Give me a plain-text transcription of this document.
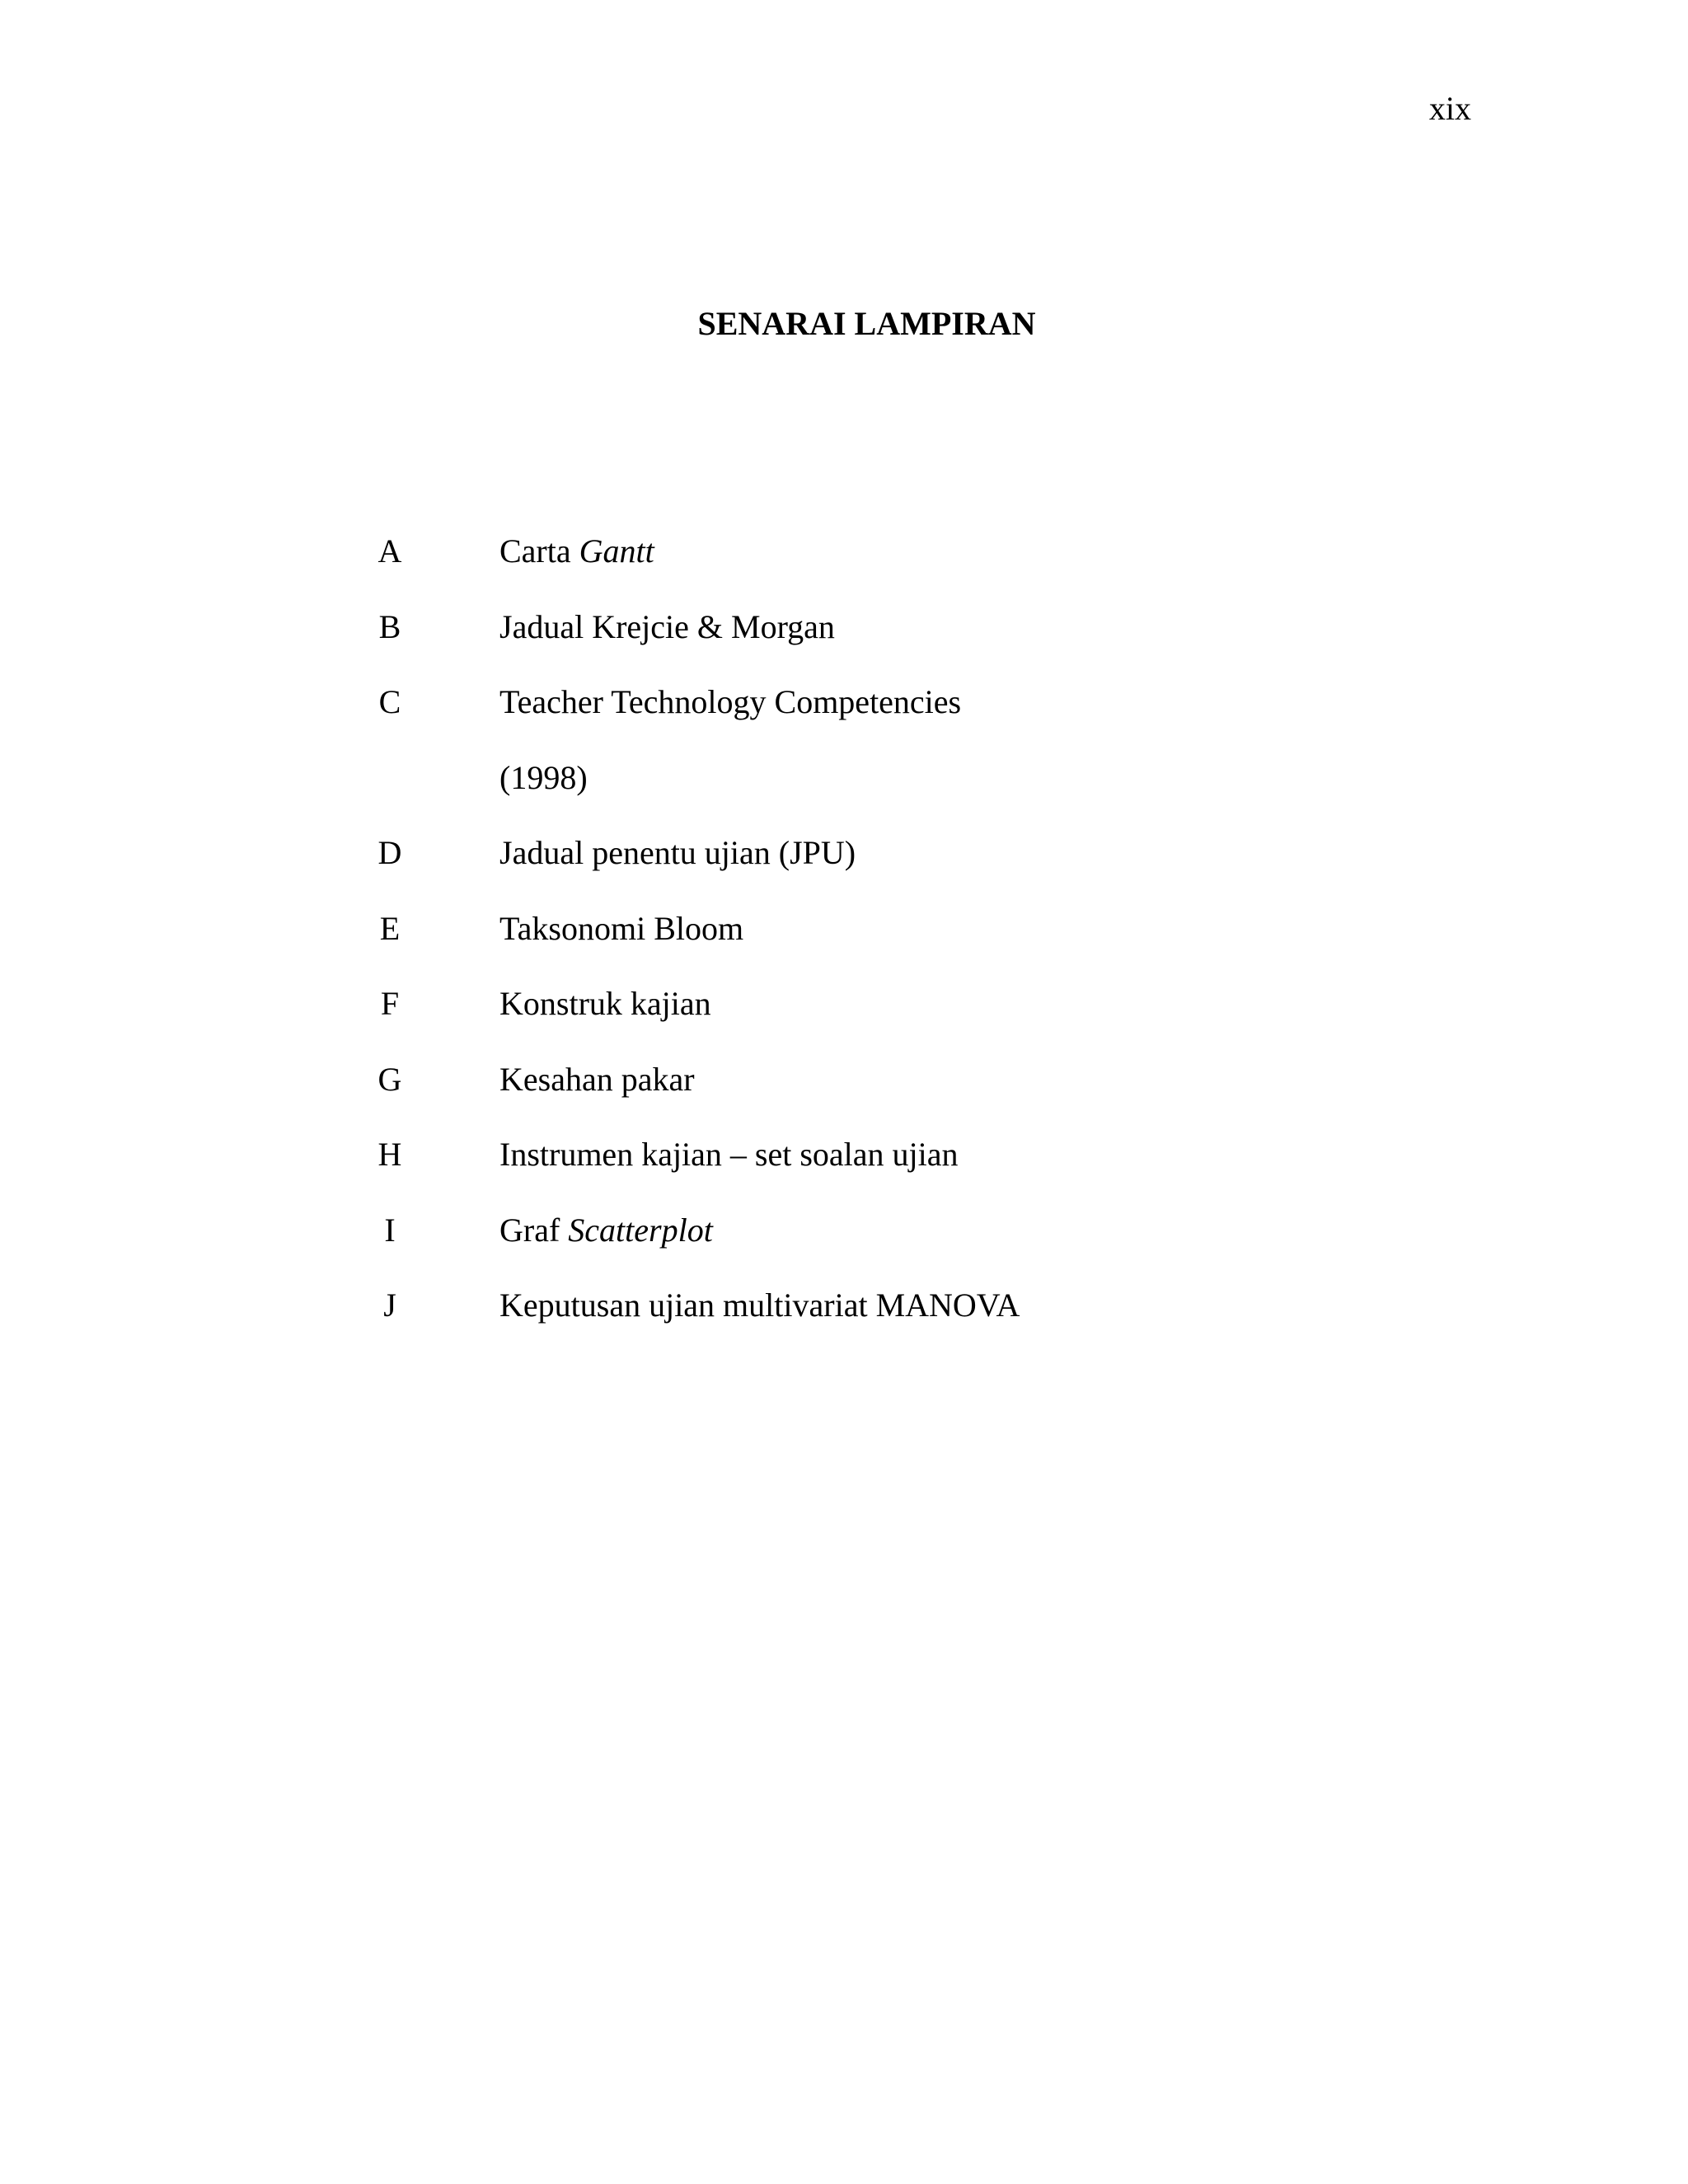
xix
SENARAI LAMPIRAN
A	Carta Gantt
B	Jadual Krejcie & Morgan
C	Teacher Technology Competencies
(1998)
D	Jadual penentu ujian (JPU)
E	Taksonomi Bloom
F	Konstruk kajian
G	Kesahan pakar
H	Instrumen kajian – set soalan ujian
I	Graf Scatterplot
J	Keputusan ujian multivariat MANOVA
